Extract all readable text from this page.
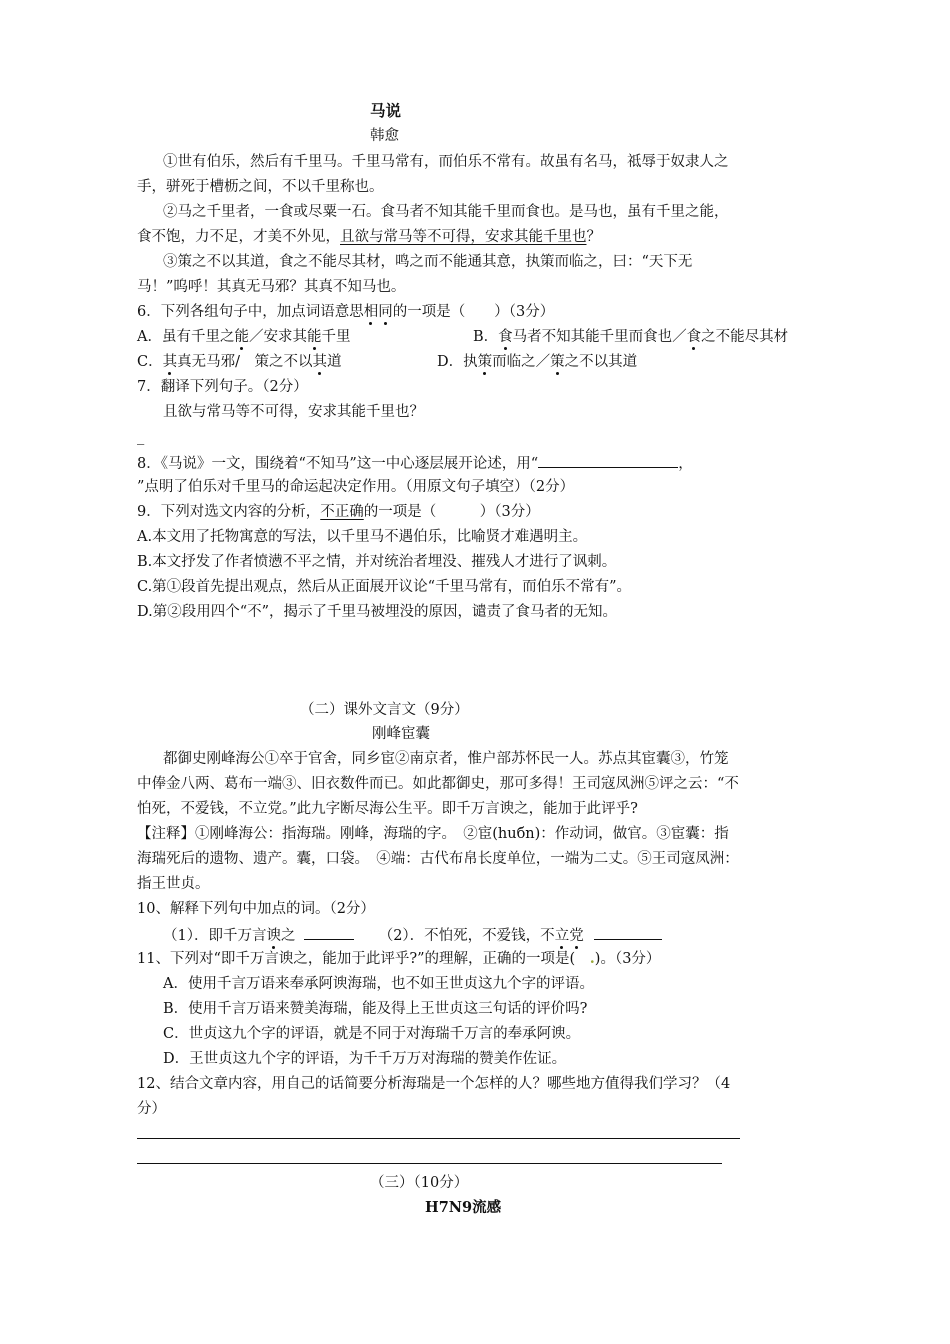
马说
韩愈
①世有伯乐，然后有千里马。千里马常有，而伯乐不常有。故虽有名马，祗辱于奴隶人之
手，骈死于槽枥之间，不以千里称也。
②马之千里者，一食或尽粟一石。食马者不知其能千里而食也。是马也，虽有千里之能，
食不饱，力不足，才美不外见，且欲与常马等不可得，安求其能千里也？
③策之不以其道，食之不能尽其材，鸣之而不能通其意，执策而临之，曰：“天下无
马！”呜呼！其真无马邪？其真不知马也。
6．下列各组句子中，加点词语意思相同的一项是（　　）（3分）
A．虽有千里之能／安求其能千里	B．食马者不知其能千里而食也／食之不能尽其材
C．其真无马邪/　策之不以其道	D．执策而临之／策之不以其道
7．翻译下列句子。（2分）
且欲与常马等不可得，安求其能千里也？
_
8．《马说》一文，围绕着“不知马”这一中心逐层展开论述，用“	，
”点明了伯乐对千里马的命运起决定作用。（用原文句子填空）（2分）
9．下列对选文内容的分析，不正确的一项是（　　　）（3分）
A.本文用了托物寓意的写法，以千里马不遇伯乐，比喻贤才难遇明主。
B.本文抒发了作者愤懑不平之情，并对统治者埋没、摧残人才进行了讽刺。
C.第①段首先提出观点，然后从正面展开议论“千里马常有，而伯乐不常有”。
D.第②段用四个“不”，揭示了千里马被埋没的原因，谴责了食马者的无知。
（二）课外文言文（9分）
刚峰宦囊
都御史刚峰海公①卒于官舍，同乡宦②南京者，惟户部苏怀民一人。苏点其宦囊③，竹笼
中俸金八两、葛布一端③、旧衣数件而已。如此都御史，那可多得！王司寇凤洲⑤评之云：“不
怕死，不爱钱，不立党。”此九字断尽海公生平。即千万言谀之，能加于此评乎?
【注释】①刚峰海公：指海瑞。刚峰，海瑞的字。　②宦(huбn)：作动词，做官。③宦囊：指
海瑞死后的遗物、遗产。囊，口袋。　④端：古代布帛长度单位，一端为二丈。⑤王司寇凤洲：
指王世贞。
10、解释下列句中加点的词。（2分）
（1）．即千万言谀之	（2）．不怕死，不爱钱，不立党
11、下列对“即千万言谀之，能加于此评乎?”的理解，正确的一项是(　.)。（3分）
A．使用千言万语来奉承阿谀海瑞，也不如王世贞这九个字的评语。
B．使用千言万语来赞美海瑞，能及得上王世贞这三句话的评价吗?
C．世贞这九个字的评语，就是不同于对海瑞千万言的奉承阿谀。
D．王世贞这九个字的评语，为千千万万对海瑞的赞美作佐证。
12、结合文章内容，用自己的话简要分析海瑞是一个怎样的人？哪些地方值得我们学习？（4
分）
（三）（10分）
H7N9流感
